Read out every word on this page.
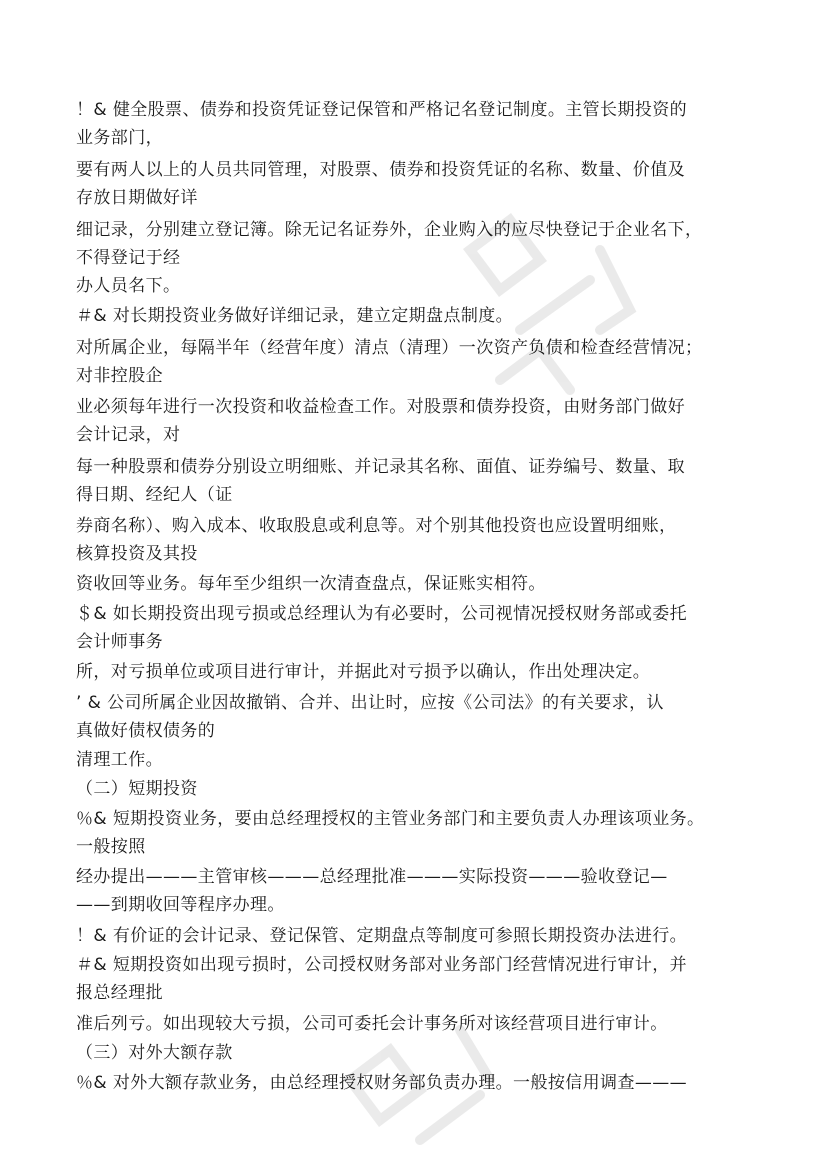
！& 健全股票、债券和投资凭证登记保管和严格记名登记制度。主管长期投资的
业务部门，
要有两人以上的人员共同管理，对股票、债券和投资凭证的名称、数量、价值及
存放日期做好详
细记录，分别建立登记簿。除无记名证券外，企业购入的应尽快登记于企业名下，
不得登记于经
办人员名下。
＃& 对长期投资业务做好详细记录，建立定期盘点制度。
对所属企业，每隔半年（经营年度）清点（清理）一次资产负债和检查经营情况；
对非控股企
业必须每年进行一次投资和收益检查工作。对股票和债券投资，由财务部门做好
会计记录，对
每一种股票和债券分别设立明细账、并记录其名称、面值、证券编号、数量、取
得日期、经纪人（证
券商名称）、购入成本、收取股息或利息等。对个别其他投资也应设置明细账，
核算投资及其投
资收回等业务。每年至少组织一次清查盘点，保证账实相符。
＄& 如长期投资出现亏损或总经理认为有必要时，公司视情况授权财务部或委托
会计师事务
所，对亏损单位或项目进行审计，并据此对亏损予以确认，作出处理决定。
’ & 公司所属企业因故撤销、合并、出让时，应按《公司法》的有关要求，认
真做好债权债务的
清理工作。
（二）短期投资
％& 短期投资业务，要由总经理授权的主管业务部门和主要负责人办理该项业务。
一般按照
经办提出———主管审核———总经理批准———实际投资———验收登记—
——到期收回等程序办理。
！& 有价证的会计记录、登记保管、定期盘点等制度可参照长期投资办法进行。
＃& 短期投资如出现亏损时，公司授权财务部对业务部门经营情况进行审计，并
报总经理批
准后列亏。如出现较大亏损，公司可委托会计事务所对该经营项目进行审计。
（三）对外大额存款
％& 对外大额存款业务，由总经理授权财务部负责办理。一般按信用调查———
